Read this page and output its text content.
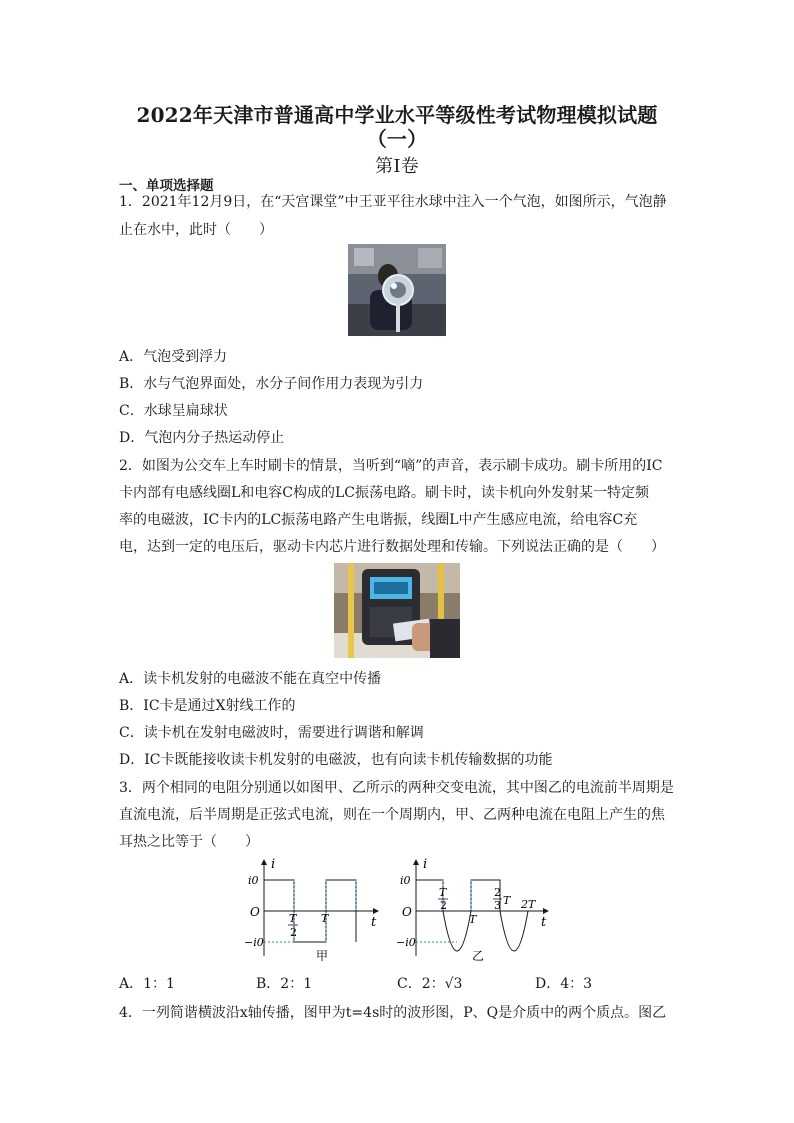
2022年天津市普通高中学业水平等级性考试物理模拟试题
（一）
第Ⅰ卷
一、单项选择题
1．2021年12月9日，在“天宫课堂”中王亚平往水球中注入一个气泡，如图所示，气泡静
止在水中，此时（　　）
A．气泡受到浮力
B．水与气泡界面处，水分子间作用力表现为引力
C．水球呈扁球状
D．气泡内分子热运动停止
2．如图为公交车上车时刷卡的情景，当听到“嘀”的声音，表示刷卡成功。刷卡所用的IC
卡内部有电感线圈L和电容C构成的LC振荡电路。刷卡时，读卡机向外发射某一特定频
率的电磁波，IC卡内的LC振荡电路产生电谐振，线圈L中产生感应电流，给电容C充
电，达到一定的电压后，驱动卡内芯片进行数据处理和传输。下列说法正确的是（　　）
A．读卡机发射的电磁波不能在真空中传播
B．IC卡是通过X射线工作的
C．读卡机在发射电磁波时，需要进行调谐和解调
D．IC卡既能接收读卡机发射的电磁波，也有向读卡机传输数据的功能
3．两个相同的电阻分别通以如图甲、乙所示的两种交变电流，其中图乙的电流前半周期是
直流电流，后半周期是正弦式电流，则在一个周期内，甲、乙两种电流在电阻上产生的焦
耳热之比等于（　　）
i
t
O
i0
−i0
T
2
T
甲
i
t
O
i0
−i0
T
2
T
2
3 T 2T
乙
A．1：1	B．2：1	C．2：√3	D．4：3
4．一列简谐横波沿x轴传播，图甲为t=4s时的波形图，P、Q是介质中的两个质点。图乙
